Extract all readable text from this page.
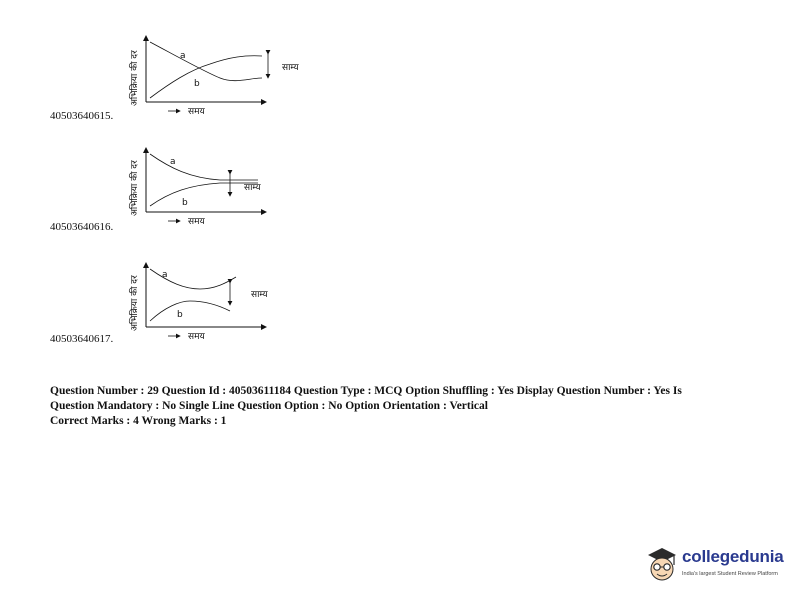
a
b
साम्य
समय
अभिक्रिया की दर
40503640615.
a
b
साम्य
समय
अभिक्रिया की दर
40503640616.
a
b
साम्य
समय
अभिक्रिया की दर
40503640617.
Question Number : 29 Question Id : 40503611184 Question Type : MCQ Option Shuffling : Yes Display Question Number : Yes Is
Question Mandatory : No Single Line Question Option : No Option Orientation : Vertical
Correct Marks : 4 Wrong Marks : 1
collegedunia
India's largest Student Review Platform
